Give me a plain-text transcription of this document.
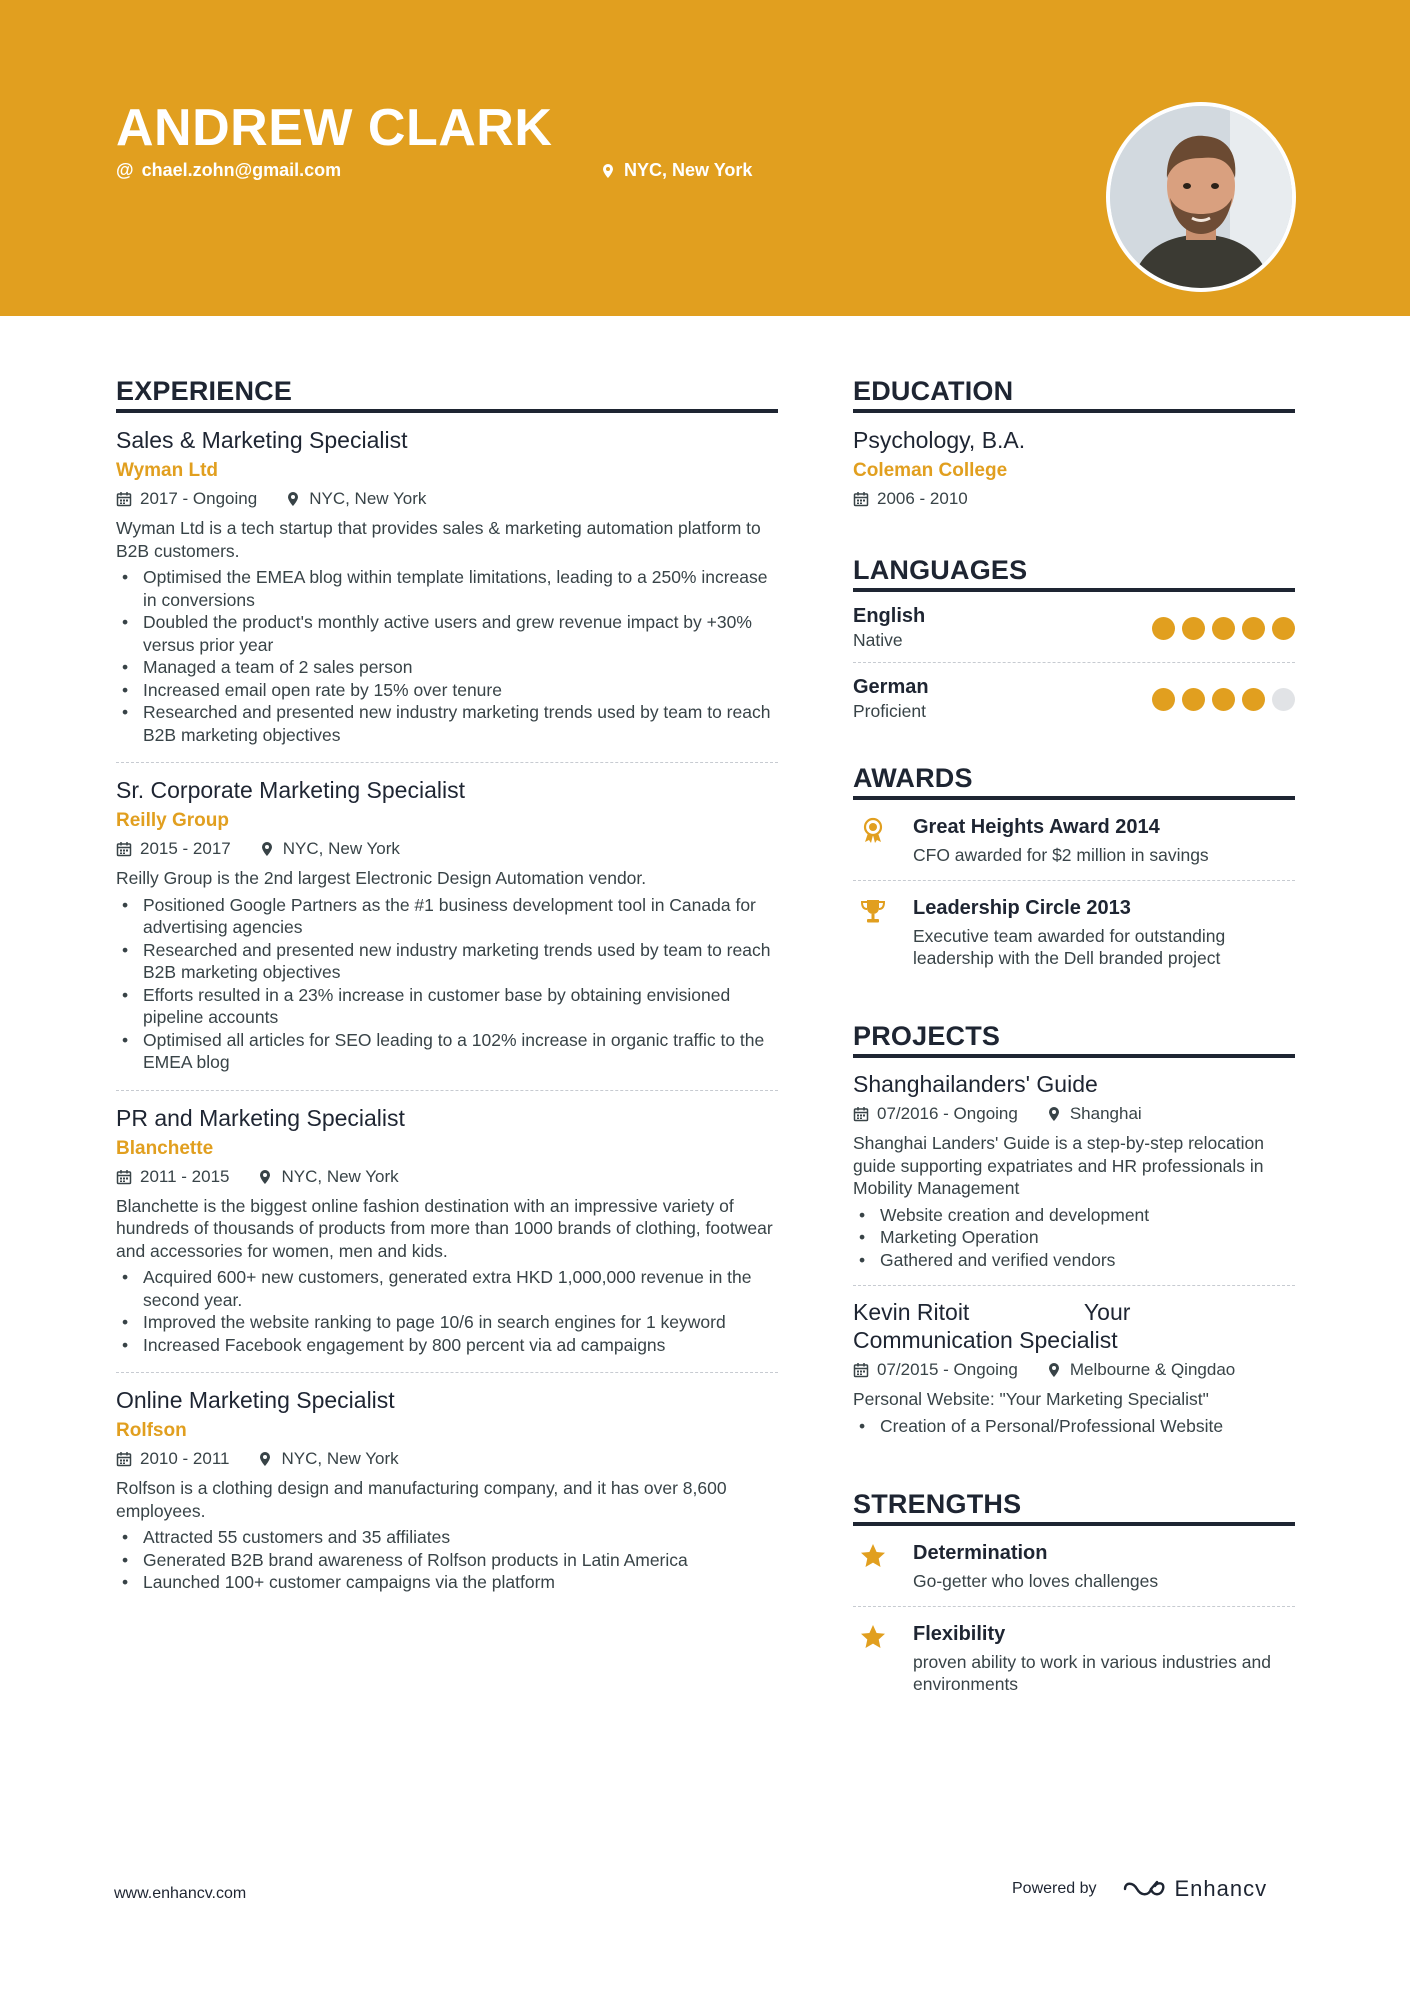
ANDREW CLARK
@ chael.zohn@gmail.com	NYC, New York
EXPERIENCE
Sales & Marketing Specialist
Wyman Ltd
2017 - Ongoing	NYC, New York
Wyman Ltd is a tech startup that provides sales & marketing automation platform to B2B customers.
• Optimised the EMEA blog within template limitations, leading to a 250% increase in conversions
• Doubled the product's monthly active users and grew revenue impact by +30% versus prior year
• Managed a team of 2 sales person
• Increased email open rate by 15% over tenure
• Researched and presented new industry marketing trends used by team to reach B2B marketing objectives
Sr. Corporate Marketing Specialist
Reilly Group
2015 - 2017	NYC, New York
Reilly Group is the 2nd largest Electronic Design Automation vendor.
• Positioned Google Partners as the #1 business development tool in Canada for advertising agencies
• Researched and presented new industry marketing trends used by team to reach B2B marketing objectives
• Efforts resulted in a 23% increase in customer base by obtaining envisioned pipeline accounts
• Optimised all articles for SEO leading to a 102% increase in organic traffic to the EMEA blog
PR and Marketing Specialist
Blanchette
2011 - 2015	NYC, New York
Blanchette is the biggest online fashion destination with an impressive variety of hundreds of thousands of products from more than 1000 brands of clothing, footwear and accessories for women, men and kids.
• Acquired 600+ new customers, generated extra HKD 1,000,000 revenue in the second year.
• Improved the website ranking to page 10/6 in search engines for 1 keyword
• Increased Facebook engagement by 800 percent via ad campaigns
Online Marketing Specialist
Rolfson
2010 - 2011	NYC, New York
Rolfson is a clothing design and manufacturing company, and it has over 8,600 employees.
• Attracted 55 customers and 35 affiliates
• Generated B2B brand awareness of Rolfson products in Latin America
• Launched 100+ customer campaigns via the platform
EDUCATION
Psychology, B.A.
Coleman College
2006 - 2010
LANGUAGES
English
Native
German
Proficient
AWARDS
Great Heights Award 2014
CFO awarded for $2 million in savings
Leadership Circle 2013
Executive team awarded for outstanding leadership with the Dell branded project
PROJECTS
Shanghailanders' Guide
07/2016 - Ongoing	Shanghai
Shanghai Landers' Guide is a step-by-step relocation guide supporting expatriates and HR professionals in Mobility Management
• Website creation and development
• Marketing Operation
• Gathered and verified vendors
Kevin Ritoit                  Your Communication Specialist
07/2015 - Ongoing	Melbourne & Qingdao
Personal Website: "Your Marketing Specialist"
• Creation of a Personal/Professional Website
STRENGTHS
Determination
Go-getter who loves challenges
Flexibility
proven ability to work in various industries and environments
www.enhancv.com	Powered by	Enhancv
